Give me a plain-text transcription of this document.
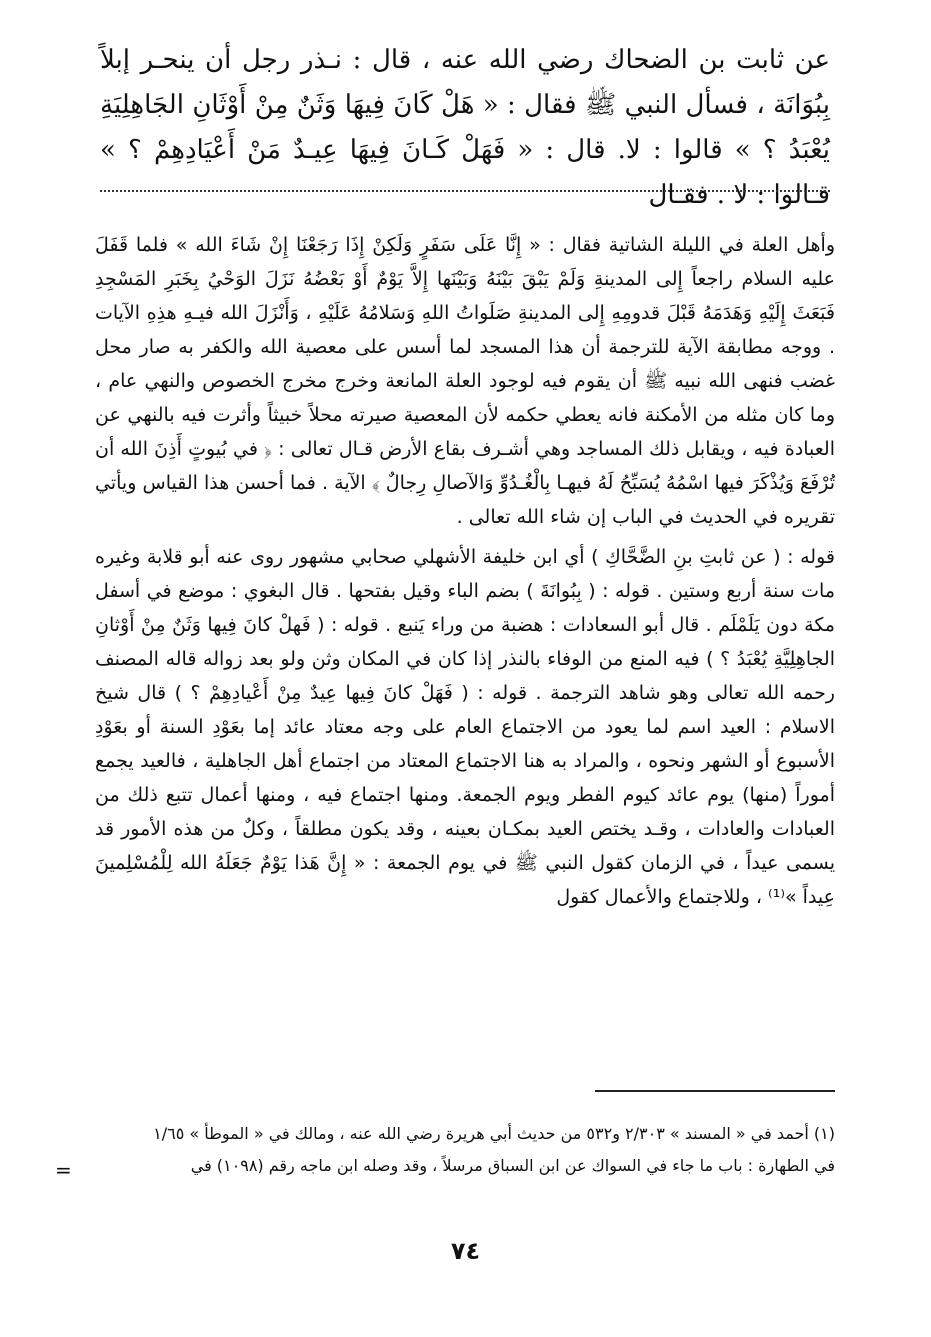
عن ثابت بن الضحاك رضي الله عنه ، قال : نـذر رجل أن ينحـر إبلاً بِبُوَانَة ، فسأل النبي ﷺ فقال : « هَلْ كَانَ فِيهَا وَثَنٌ مِنْ أَوْثَانِ الجَاهِلِيَةِ يُعْبَدُ ؟ » قالوا : لا. قال : « فَهَلْ كَـانَ فِيهَا عِيـدٌ مَنْ أَعْيَادِهِمْ ؟ » قـالوا : لا . فقـال

وأهل العلة في الليلة الشاتية فقال : « إِنَّا عَلَى سَفَرٍ وَلَكِنْ إِذَا رَجَعْنَا إِنْ شَاءَ الله » فلما قَفَلَ عليه السلام راجعاً إِلى المدينةِ وَلَمْ يَبْقَ بَيْنَهُ وَبَيْنَها إِلاَّ يَوْمٌ أَوْ بَعْضُهُ نَزَلَ الوَحْيُ بِخَبَرِ المَسْجِدِ فَبَعَثَ إِلَيْهِ وَهَدَمَهُ قَبْلَ قدومِهِ إِلى المدينةِ صَلَواتُ اللهِ وَسَلامُهُ عَلَيْهِ ، وَأَنْزَلَ الله فيـهِ هذِهِ الآيات . ووجه مطابقة الآية للترجمة أن هذا المسجد لما أسس على معصية الله والكفر به صار محل غضب فنهى الله نبيه ﷺ أن يقوم فيه لوجود العلة المانعة وخرج مخرج الخصوص والنهي عام ، وما كان مثله من الأمكنة فانه يعطي حكمه لأن المعصية صيرته محلاً خبيثاً وأثرت فيه بالنهي عن العبادة فيه ، ويقابل ذلك المساجد وهي أشـرف بقاع الأرض قـال تعالى : ﴿ في بُيوتٍ أَذِنَ الله أن تُرْفَعَ وَيُذْكَرَ فيها اسْمُهُ يُسَبِّحُ لَهُ فيهـا بِالْغُـدُوِّ وَالآصالِ رِجالٌ ﴾ الآية . فما أحسن هذا القياس ويأتي تقريره في الحديث في الباب إن شاء الله تعالى .

قوله : ( عن ثابتِ بنِ الضَّحَّاكِ ) أي ابن خليفة الأشهلي صحابي مشهور روى عنه أبو قلابة وغيره مات سنة أربع وستين . قوله : ( بِبُوانَةَ ) بضم الباء وقيل بفتحها . قال البغوي : موضع في أسفل مكة دون يَلَمْلَم . قال أبو السعادات : هضبة من وراء يَنبع . قوله : ( فَهلْ كانَ فِيها وَثَنٌ مِنْ أَوْثانِ الجاهِلِيَّةِ يُعْبَدُ ؟ ) فيه المنع من الوفاء بالنذر إذا كان في المكان وثن ولو بعد زواله قاله المصنف رحمه الله تعالى وهو شاهد الترجمة . قوله : ( فَهَلْ كانَ فِيها عِيدٌ مِنْ أَعْيادِهِمْ ؟ ) قال شيخ الاسلام : العيد اسم لما يعود من الاجتماع العام على وجه معتاد عائد إما بعَوْدِ السنة أو بعَوْدِ الأسبوع أو الشهر ونحوه ، والمراد به هنا الاجتماع المعتاد من اجتماع أهل الجاهلية ، فالعيد يجمع أموراً (منها) يوم عائد كيوم الفطر ويوم الجمعة. ومنها اجتماع فيه ، ومنها أعمال تتبع ذلك من العبادات والعادات ، وقـد يختص العيد بمكـان بعينه ، وقد يكون مطلقاً ، وكلٌ من هذه الأمور قد يسمى عيداً ، في الزمان كقول النبي ﷺ في يوم الجمعة : « إِنَّ هَذا يَوْمٌ جَعَلَهُ الله لِلْمُسْلِمينَ عِيداً »⁽¹⁾ ، وللاجتماع والأعمال كقول

(١) أحمد في « المسند » ٢/٣٠٣ و٥٣٢ من حديث أبي هريرة رضي الله عنه ، ومالك في « الموطأ » ١/٦٥

في الطهارة : باب ما جاء في السواك عن ابن السباق مرسلاً ، وقد وصله ابن ماجه رقم (١٠٩٨) في

=
٧٤
